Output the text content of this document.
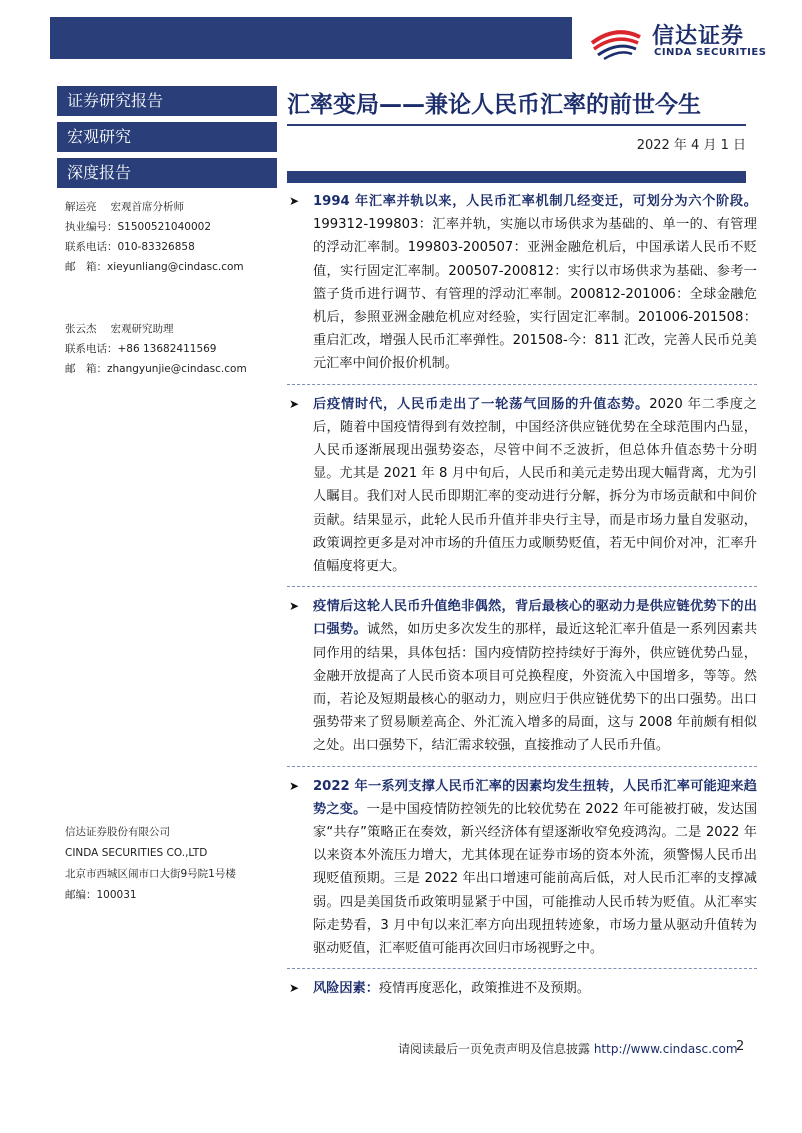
信达证券
CINDA SECURITIES
证券研究报告
宏观研究
深度报告
解运亮 宏观首席分析师
执业编号：S1500521040002
联系电话：010-83326858
邮　箱：xieyunliang@cindasc.com
张云杰 宏观研究助理
联系电话：+86 13682411569
邮　箱：zhangyunjie@cindasc.com
信达证券股份有限公司
CINDA SECURITIES CO.,LTD
北京市西城区闹市口大街9号院1号楼
邮编：100031
汇率变局——兼论人民币汇率的前世今生
2022 年 4 月 1 日
➤ 1994 年汇率并轨以来，人民币汇率机制几经变迁，可划分为六个阶段。199312-199803：汇率并轨，实施以市场供求为基础的、单一的、有管理的浮动汇率制。199803-200507：亚洲金融危机后，中国承诺人民币不贬值，实行固定汇率制。200507-200812：实行以市场供求为基础、参考一篮子货币进行调节、有管理的浮动汇率制。200812-201006：全球金融危机后，参照亚洲金融危机应对经验，实行固定汇率制。201006-201508：重启汇改，增强人民币汇率弹性。201508-今：811 汇改，完善人民币兑美元汇率中间价报价机制。
➤ 后疫情时代，人民币走出了一轮荡气回肠的升值态势。2020 年二季度之后，随着中国疫情得到有效控制，中国经济供应链优势在全球范围内凸显，人民币逐渐展现出强势姿态，尽管中间不乏波折，但总体升值态势十分明显。尤其是 2021 年 8 月中旬后，人民币和美元走势出现大幅背离，尤为引人瞩目。我们对人民币即期汇率的变动进行分解，拆分为市场贡献和中间价贡献。结果显示，此轮人民币升值并非央行主导，而是市场力量自发驱动，政策调控更多是对冲市场的升值压力或顺势贬值，若无中间价对冲，汇率升值幅度将更大。
➤ 疫情后这轮人民币升值绝非偶然，背后最核心的驱动力是供应链优势下的出口强势。诚然，如历史多次发生的那样，最近这轮汇率升值是一系列因素共同作用的结果，具体包括：国内疫情防控持续好于海外，供应链优势凸显，金融开放提高了人民币资本项目可兑换程度，外资流入中国增多，等等。然而，若论及短期最核心的驱动力，则应归于供应链优势下的出口强势。出口强势带来了贸易顺差高企、外汇流入增多的局面，这与 2008 年前颇有相似之处。出口强势下，结汇需求较强，直接推动了人民币升值。
➤ 2022 年一系列支撑人民币汇率的因素均发生扭转，人民币汇率可能迎来趋势之变。一是中国疫情防控领先的比较优势在 2022 年可能被打破，发达国家“共存”策略正在奏效，新兴经济体有望逐渐收窄免疫鸿沟。二是 2022 年以来资本外流压力增大，尤其体现在证券市场的资本外流，须警惕人民币出现贬值预期。三是 2022 年出口增速可能前高后低，对人民币汇率的支撑减弱。四是美国货币政策明显紧于中国，可能推动人民币转为贬值。从汇率实际走势看，3 月中旬以来汇率方向出现扭转迹象，市场力量从驱动升值转为驱动贬值，汇率贬值可能再次回归市场视野之中。
➤ 风险因素：疫情再度恶化，政策推进不及预期。
请阅读最后一页免责声明及信息披露 http://www.cindasc.com
2
